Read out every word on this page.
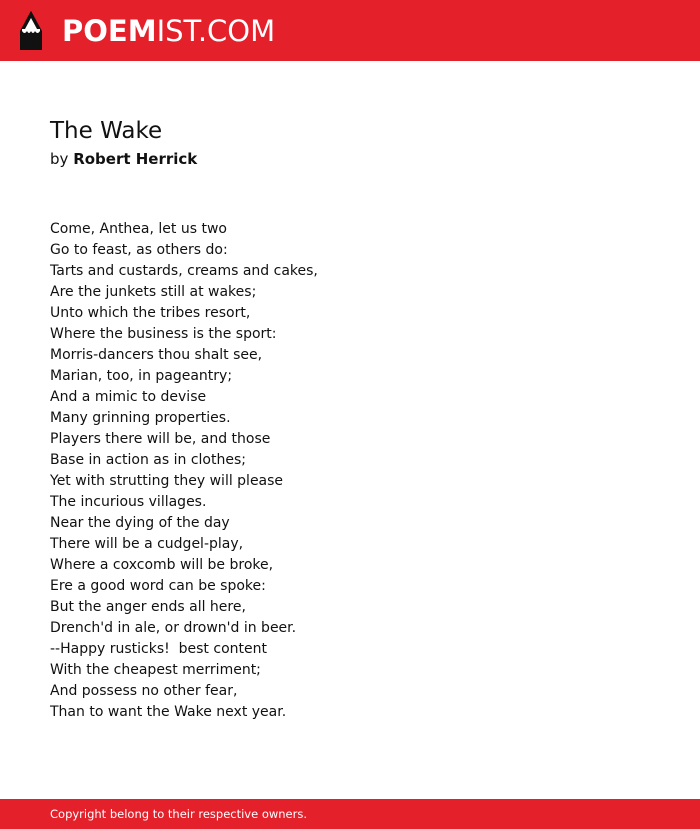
POEMIST.COM
The Wake
by Robert Herrick
Come, Anthea, let us two
Go to feast, as others do:
Tarts and custards, creams and cakes,
Are the junkets still at wakes;
Unto which the tribes resort,
Where the business is the sport:
Morris-dancers thou shalt see,
Marian, too, in pageantry;
And a mimic to devise
Many grinning properties.
Players there will be, and those
Base in action as in clothes;
Yet with strutting they will please
The incurious villages.
Near the dying of the day
There will be a cudgel-play,
Where a coxcomb will be broke,
Ere a good word can be spoke:
But the anger ends all here,
Drench'd in ale, or drown'd in beer.
--Happy rusticks!  best content
With the cheapest merriment;
And possess no other fear,
Than to want the Wake next year.
Copyright belong to their respective owners.
